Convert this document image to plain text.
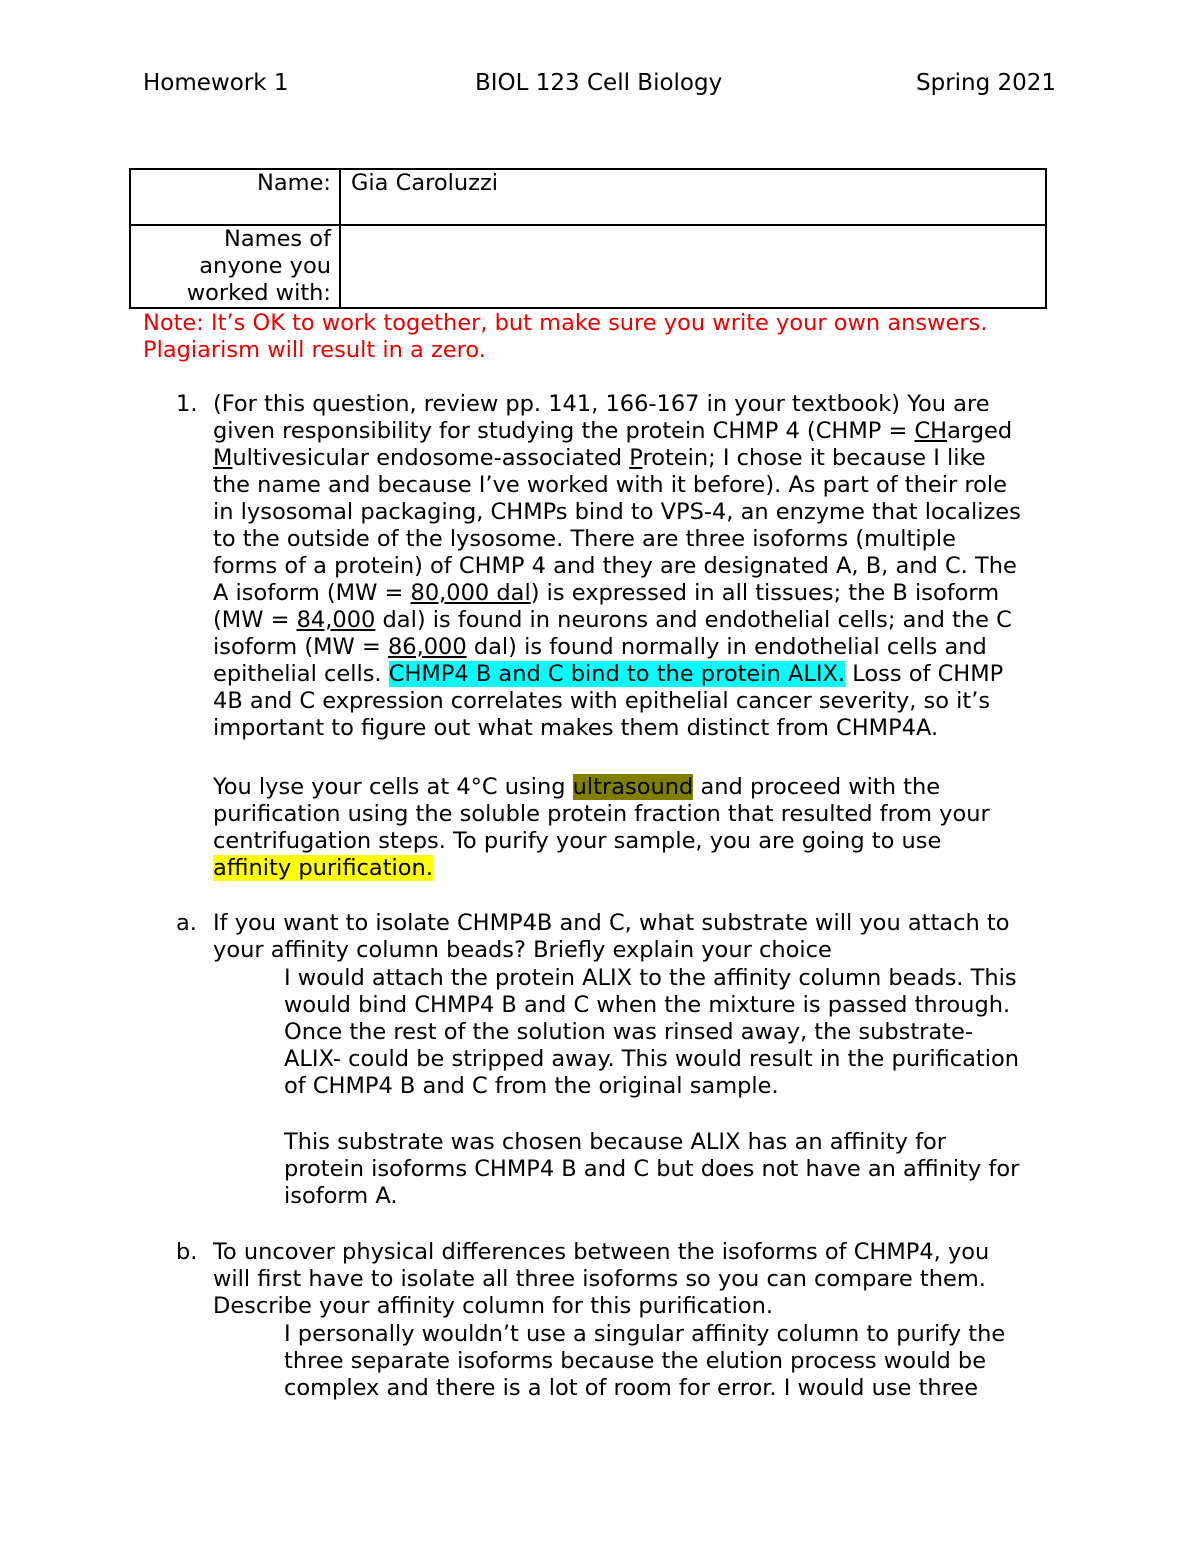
Homework 1	BIOL 123 Cell Biology	Spring 2021
Name:	Gia Caroluzzi

Names of
anyone you
worked with:	

Note: It’s OK to work together, but make sure you write your own answers.
Plagiarism will result in a zero.
1. (For this question, review pp. 141, 166-167 in your textbook) You are
given responsibility for studying the protein CHMP 4 (CHMP = CHarged
Multivesicular endosome-associated Protein; I chose it because I like
the name and because I’ve worked with it before). As part of their role
in lysosomal packaging, CHMPs bind to VPS-4, an enzyme that localizes
to the outside of the lysosome. There are three isoforms (multiple
forms of a protein) of CHMP 4 and they are designated A, B, and C. The
A isoform (MW = 80,000 dal) is expressed in all tissues; the B isoform
(MW = 84,000 dal) is found in neurons and endothelial cells; and the C
isoform (MW = 86,000 dal) is found normally in endothelial cells and
epithelial cells. CHMP4 B and C bind to the protein ALIX. Loss of CHMP
4B and C expression correlates with epithelial cancer severity, so it’s
important to figure out what makes them distinct from CHMP4A.
You lyse your cells at 4°C using ultrasound and proceed with the
purification using the soluble protein fraction that resulted from your
centrifugation steps. To purify your sample, you are going to use
affinity purification.
a. If you want to isolate CHMP4B and C, what substrate will you attach to
your affinity column beads? Briefly explain your choice
I would attach the protein ALIX to the affinity column beads. This
would bind CHMP4 B and C when the mixture is passed through.
Once the rest of the solution was rinsed away, the substrate-
ALIX- could be stripped away. This would result in the purification
of CHMP4 B and C from the original sample.
This substrate was chosen because ALIX has an affinity for
protein isoforms CHMP4 B and C but does not have an affinity for
isoform A.
b. To uncover physical differences between the isoforms of CHMP4, you
will first have to isolate all three isoforms so you can compare them.
Describe your affinity column for this purification.
I personally wouldn’t use a singular affinity column to purify the
three separate isoforms because the elution process would be
complex and there is a lot of room for error. I would use three
